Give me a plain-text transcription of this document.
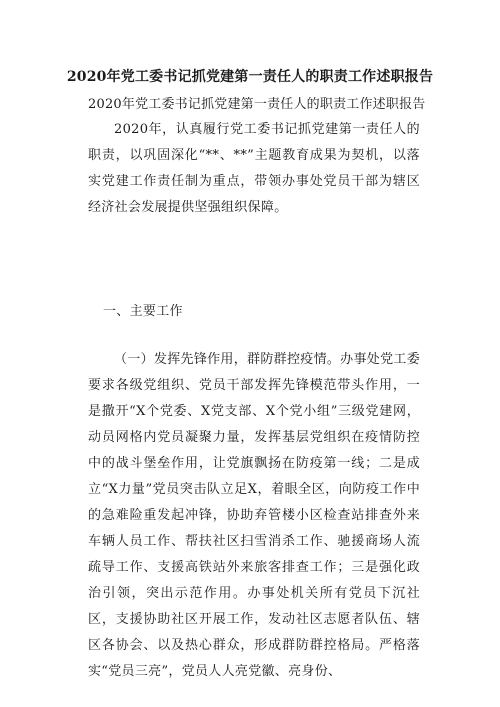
2020年党工委书记抓党建第一责任人的职责工作述职报告
2020年党工委书记抓党建第一责任人的职责工作述职报告
2020年，认真履行党工委书记抓党建第一责任人的职责，以巩固深化“**、**”主题教育成果为契机，以落实党建工作责任制为重点，带领办事处党员干部为辖区经济社会发展提供坚强组织保障。
一、主要工作
（一）发挥先锋作用，群防群控疫情。办事处党工委要求各级党组织、党员干部发挥先锋模范带头作用，一是撒开“X个党委、X党支部、X个党小组”三级党建网，动员网格内党员凝聚力量，发挥基层党组织在疫情防控中的战斗堡垒作用，让党旗飘扬在防疫第一线；二是成立“X力量”党员突击队立足X，着眼全区，向防疫工作中的急难险重发起冲锋，协助弃管楼小区检查站排查外来车辆人员工作、帮扶社区扫雪消杀工作、驰援商场人流疏导工作、支援高铁站外来旅客排查工作；三是强化政治引领，突出示范作用。办事处机关所有党员下沉社区，支援协助社区开展工作，发动社区志愿者队伍、辖区各协会、以及热心群众，形成群防群控格局。严格落实“党员三亮”，党员人人亮党徽、亮身份、
